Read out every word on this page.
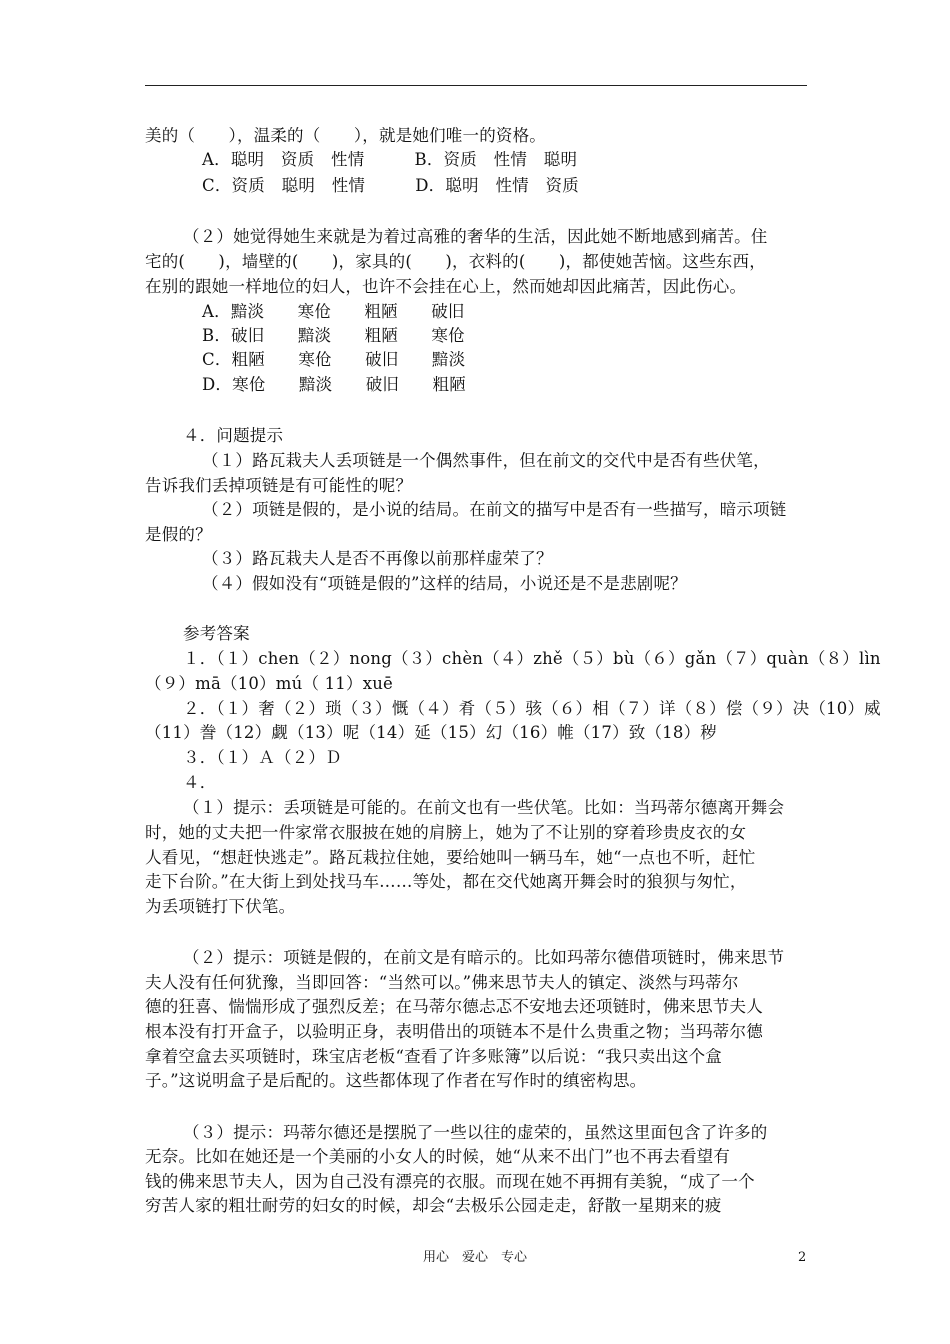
美的（　　），温柔的（　　），就是她们唯一的资格。
A．聪明　资质　性情　　　B．资质　性情　聪明
C．资质　聪明　性情　　　D．聪明　性情　资质
（２）她觉得她生来就是为着过高雅的奢华的生活，因此她不断地感到痛苦。住
宅的(　　)，墙壁的(　　)，家具的(　　)，衣料的(　　)，都使她苦恼。这些东西，
在别的跟她一样地位的妇人，也许不会挂在心上，然而她却因此痛苦，因此伤心。
A．黯淡　　寒伧　　粗陋　　破旧
B．破旧　　黯淡　　粗陋　　寒伧
C．粗陋　　寒伧　　破旧　　黯淡
D．寒伧　　黯淡　　破旧　　粗陋
４．问题提示
（１）路瓦栽夫人丢项链是一个偶然事件，但在前文的交代中是否有些伏笔，
告诉我们丢掉项链是有可能性的呢？
（２）项链是假的，是小说的结局。在前文的描写中是否有一些描写，暗示项链
是假的？
（３）路瓦栽夫人是否不再像以前那样虚荣了？
（４）假如没有“项链是假的”这样的结局，小说还是不是悲剧呢？
参考答案
１．（１）chen（２）nong（３）chèn（４）zhě（５）bù（６）gǎn（７）quàn（８）lìn
（９）mā（10）mú（ 11）xuē
２．（１）奢（２）琐（３）慨（４）肴（５）骇（６）相（７）详（８）偿（９）决（10）威
（11）誊（12）觑（13）呢（14）延（15）幻（16）帷（17）致（18）秽
３．（１）Ａ（２）Ｄ
４．
（１）提示：丢项链是可能的。在前文也有一些伏笔。比如：当玛蒂尔德离开舞会
时，她的丈夫把一件家常衣服披在她的肩膀上，她为了不让别的穿着珍贵皮衣的女
人看见，“想赶快逃走”。路瓦栽拉住她，要给她叫一辆马车，她“一点也不听，赶忙
走下台阶。”在大街上到处找马车……等处，都在交代她离开舞会时的狼狈与匆忙，
为丢项链打下伏笔。
（２）提示：项链是假的，在前文是有暗示的。比如玛蒂尔德借项链时，佛来思节
夫人没有任何犹豫，当即回答：“当然可以。”佛来思节夫人的镇定、淡然与玛蒂尔
德的狂喜、惴惴形成了强烈反差；在马蒂尔德忐忑不安地去还项链时，佛来思节夫人
根本没有打开盒子，以验明正身，表明借出的项链本不是什么贵重之物；当玛蒂尔德
拿着空盒去买项链时，珠宝店老板“查看了许多账簿”以后说：“我只卖出这个盒
子。”这说明盒子是后配的。这些都体现了作者在写作时的缜密构思。
（３）提示：玛蒂尔德还是摆脱了一些以往的虚荣的，虽然这里面包含了许多的
无奈。比如在她还是一个美丽的小女人的时候，她“从来不出门”也不再去看望有
钱的佛来思节夫人，因为自己没有漂亮的衣服。而现在她不再拥有美貌，“成了一个
穷苦人家的粗壮耐劳的妇女的时候，却会“去极乐公园走走，舒散一星期来的疲
用心　爱心　专心	2
